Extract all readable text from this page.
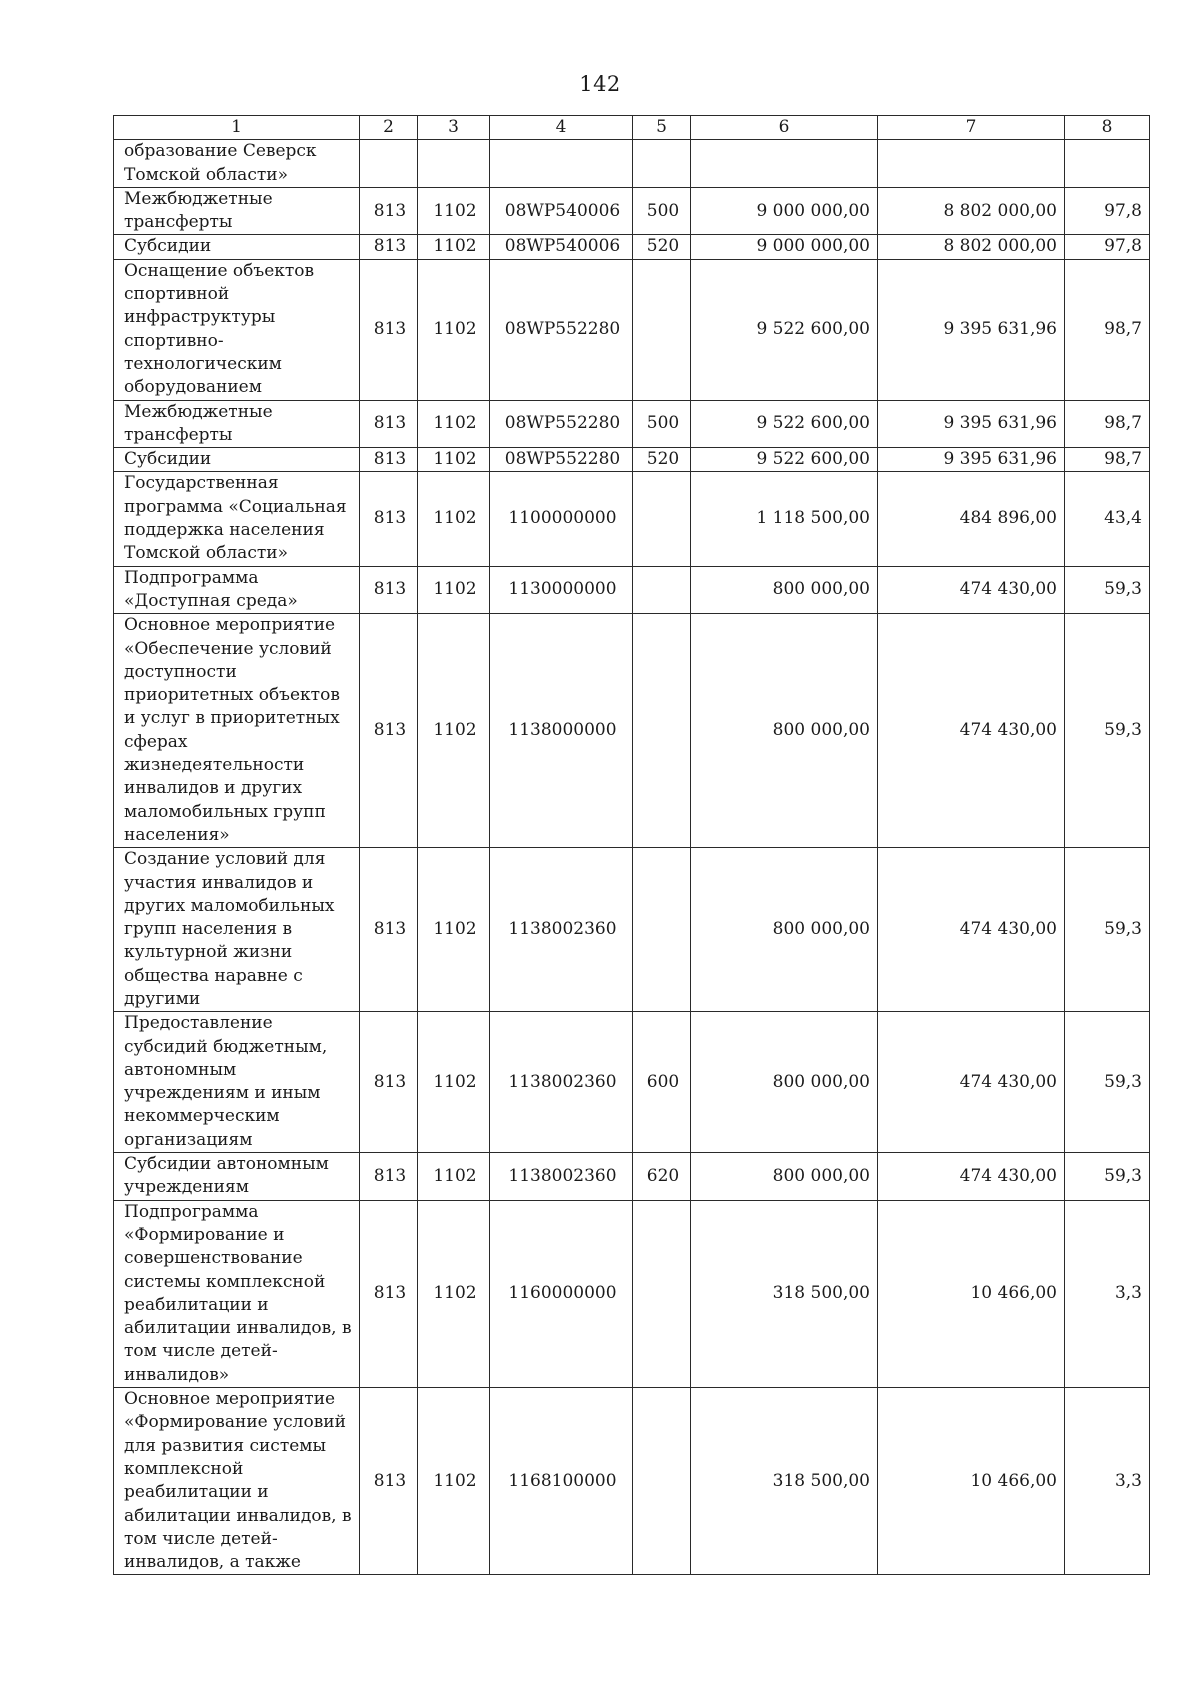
142
1	2	3	4	5	6	7	8
образование Северск Томской области»							
Межбюджетные трансферты	813	1102	08WP540006	500	9 000 000,00	8 802 000,00	97,8
Субсидии	813	1102	08WP540006	520	9 000 000,00	8 802 000,00	97,8
Оснащение объектов спортивной инфраструктуры спортивно-технологическим оборудованием	813	1102	08WP552280		9 522 600,00	9 395 631,96	98,7
Межбюджетные трансферты	813	1102	08WP552280	500	9 522 600,00	9 395 631,96	98,7
Субсидии	813	1102	08WP552280	520	9 522 600,00	9 395 631,96	98,7
Государственная программа «Социальная поддержка населения Томской области»	813	1102	1100000000		1 118 500,00	484 896,00	43,4
Подпрограмма «Доступная среда»	813	1102	1130000000		800 000,00	474 430,00	59,3
Основное мероприятие «Обеспечение условий доступности приоритетных объектов и услуг в приоритетных сферах жизнедеятельности инвалидов и других маломобильных групп населения»	813	1102	1138000000		800 000,00	474 430,00	59,3
Создание условий для участия инвалидов и других маломобильных групп населения в культурной жизни общества наравне с другими	813	1102	1138002360		800 000,00	474 430,00	59,3
Предоставление субсидий бюджетным, автономным учреждениям и иным некоммерческим организациям	813	1102	1138002360	600	800 000,00	474 430,00	59,3
Субсидии автономным учреждениям	813	1102	1138002360	620	800 000,00	474 430,00	59,3
Подпрограмма «Формирование и совершенствование системы комплексной реабилитации и абилитации инвалидов, в том числе детей-инвалидов»	813	1102	1160000000		318 500,00	10 466,00	3,3
Основное мероприятие «Формирование условий для развития системы комплексной реабилитации и абилитации инвалидов, в том числе детей-инвалидов, а также	813	1102	1168100000		318 500,00	10 466,00	3,3
